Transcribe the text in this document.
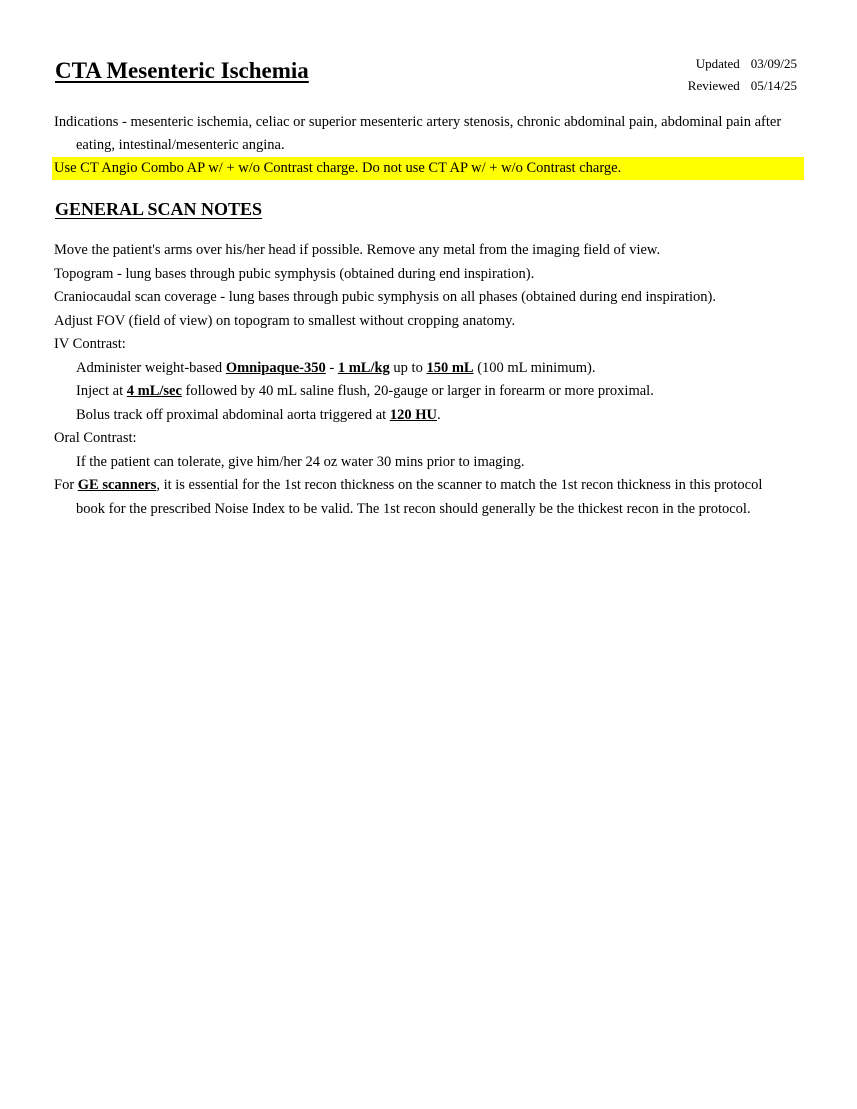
CTA Mesenteric Ischemia	Updated 03/09/25
Reviewed 05/14/25
Indications - mesenteric ischemia, celiac or superior mesenteric artery stenosis, chronic abdominal pain, abdominal pain after eating, intestinal/mesenteric angina.
Use CT Angio Combo AP w/ + w/o Contrast charge. Do not use CT AP w/ + w/o Contrast charge.
GENERAL SCAN NOTES
Move the patient's arms over his/her head if possible. Remove any metal from the imaging field of view.
Topogram - lung bases through pubic symphysis (obtained during end inspiration).
Craniocaudal scan coverage - lung bases through pubic symphysis on all phases (obtained during end inspiration).
Adjust FOV (field of view) on topogram to smallest without cropping anatomy.
IV Contrast:
Administer weight-based Omnipaque-350 - 1 mL/kg up to 150 mL (100 mL minimum).
Inject at 4 mL/sec followed by 40 mL saline flush, 20-gauge or larger in forearm or more proximal.
Bolus track off proximal abdominal aorta triggered at 120 HU.
Oral Contrast:
If the patient can tolerate, give him/her 24 oz water 30 mins prior to imaging.
For GE scanners, it is essential for the 1st recon thickness on the scanner to match the 1st recon thickness in this protocol book for the prescribed Noise Index to be valid. The 1st recon should generally be the thickest recon in the protocol.
